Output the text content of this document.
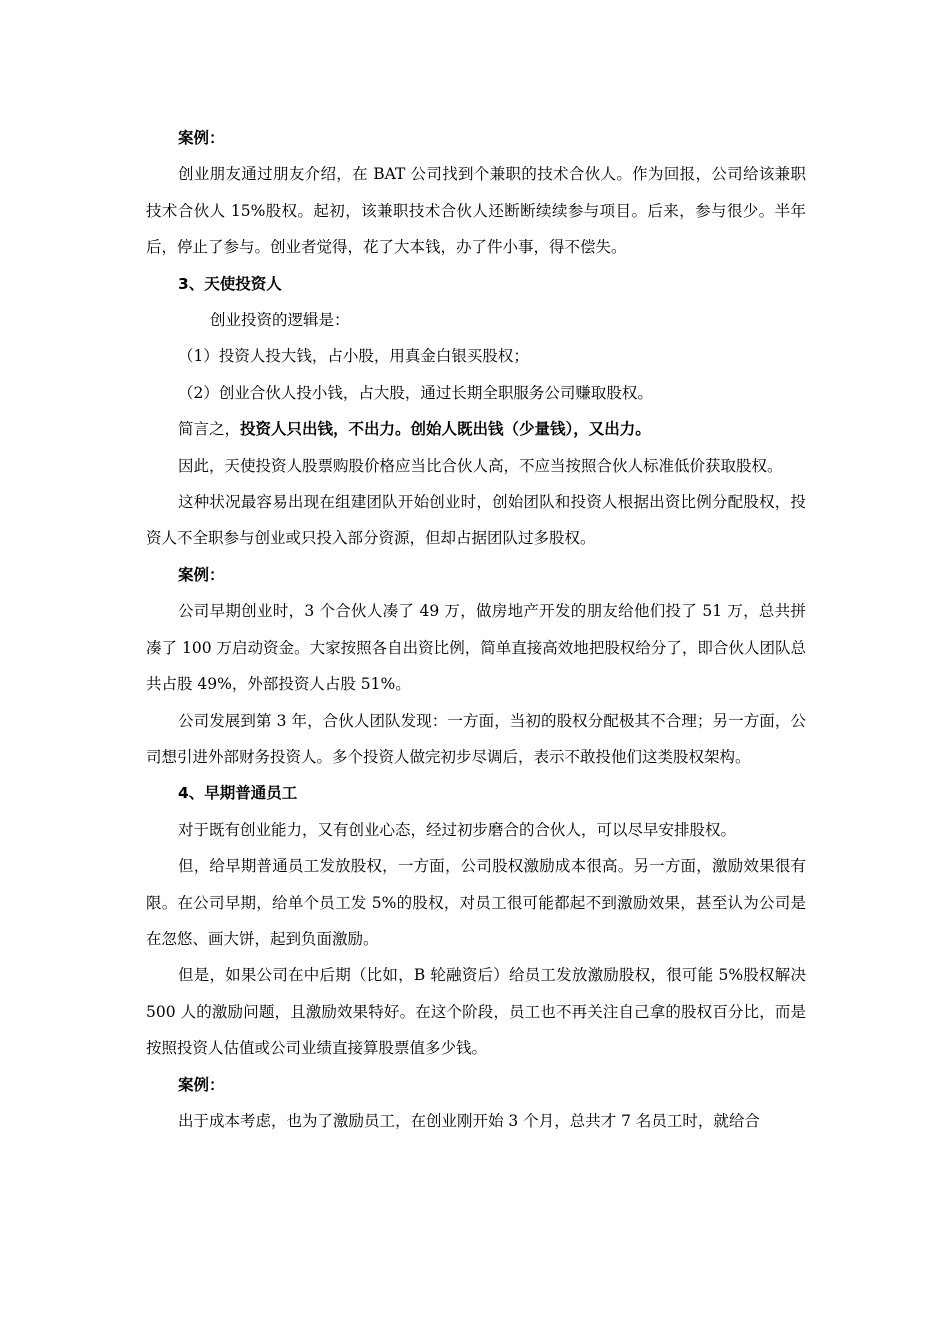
案例：

创业朋友通过朋友介绍，在 BAT 公司找到个兼职的技术合伙人。作为回报，公司给该兼职技术合伙人 15%股权。起初，该兼职技术合伙人还断断续续参与项目。后来，参与很少。半年后，停止了参与。创业者觉得，花了大本钱，办了件小事，得不偿失。

3、天使投资人
创业投资的逻辑是：
（1）投资人投大钱，占小股，用真金白银买股权；
（2）创业合伙人投小钱，占大股，通过长期全职服务公司赚取股权。

简言之，投资人只出钱，不出力。创始人既出钱（少量钱），又出力。

因此，天使投资人股票购股价格应当比合伙人高，不应当按照合伙人标准低价获取股权。

这种状况最容易出现在组建团队开始创业时，创始团队和投资人根据出资比例分配股权，投资人不全职参与创业或只投入部分资源，但却占据团队过多股权。

案例：

公司早期创业时，3 个合伙人凑了 49 万，做房地产开发的朋友给他们投了 51 万，总共拼凑了 100 万启动资金。大家按照各自出资比例，简单直接高效地把股权给分了，即合伙人团队总共占股 49%，外部投资人占股 51%。

公司发展到第 3 年，合伙人团队发现：一方面，当初的股权分配极其不合理；另一方面，公司想引进外部财务投资人。多个投资人做完初步尽调后，表示不敢投他们这类股权架构。

4、早期普通员工

对于既有创业能力，又有创业心态，经过初步磨合的合伙人，可以尽早安排股权。

但，给早期普通员工发放股权，一方面，公司股权激励成本很高。另一方面，激励效果很有限。在公司早期，给单个员工发 5%的股权，对员工很可能都起不到激励效果，甚至认为公司是在忽悠、画大饼，起到负面激励。

但是，如果公司在中后期（比如，B 轮融资后）给员工发放激励股权，很可能 5%股权解决 500 人的激励问题，且激励效果特好。在这个阶段，员工也不再关注自己拿的股权百分比，而是按照投资人估值或公司业绩直接算股票值多少钱。

案例：

出于成本考虑，也为了激励员工，在创业刚开始 3 个月，总共才 7 名员工时，就给合
